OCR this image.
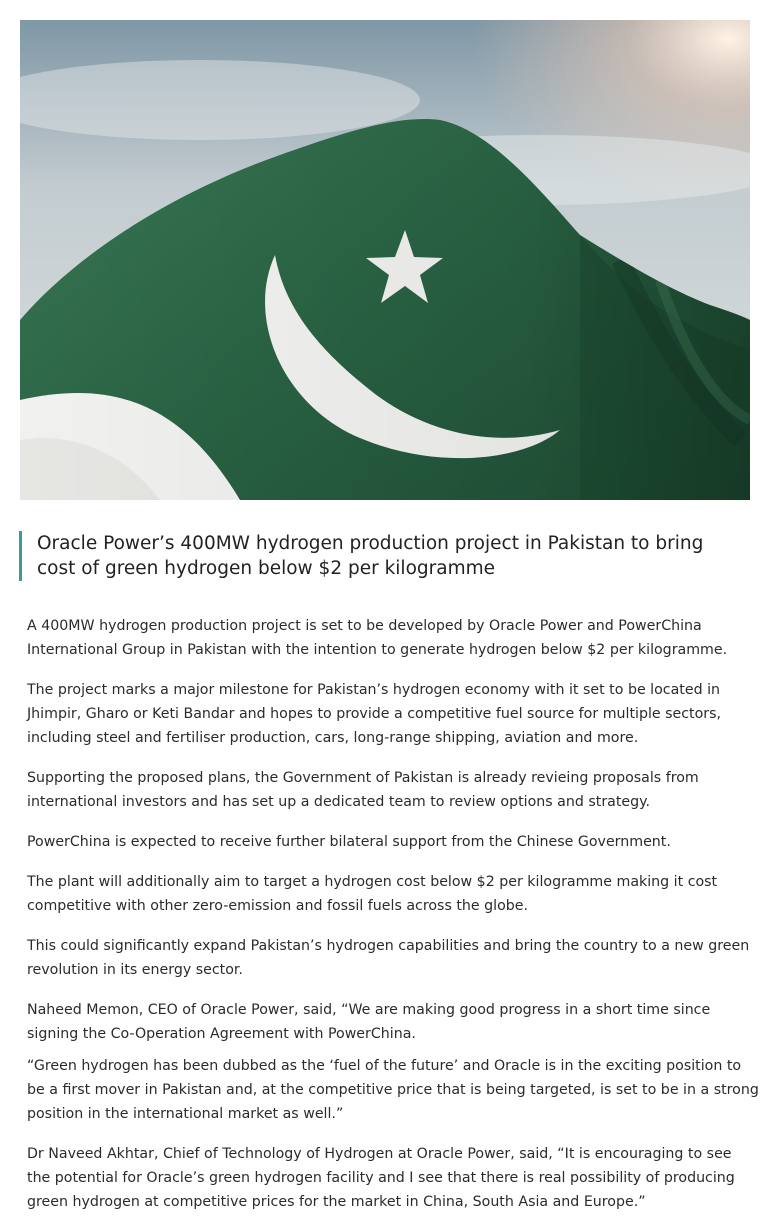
Oracle Power’s 400MW hydrogen production project in Pakistan to bring cost of green hydrogen below $2 per kilogramme

A 400MW hydrogen production project is set to be developed by Oracle Power and PowerChina International Group in Pakistan with the intention to generate hydrogen below $2 per kilogramme.

The project marks a major milestone for Pakistan’s hydrogen economy with it set to be located in Jhimpir, Gharo or Keti Bandar and hopes to provide a competitive fuel source for multiple sectors, including steel and fertiliser production, cars, long-range shipping, aviation and more.

Supporting the proposed plans, the Government of Pakistan is already revieing proposals from international investors and has set up a dedicated team to review options and strategy.

PowerChina is expected to receive further bilateral support from the Chinese Government.

The plant will additionally aim to target a hydrogen cost below $2 per kilogramme making it cost competitive with other zero-emission and fossil fuels across the globe.

This could significantly expand Pakistan’s hydrogen capabilities and bring the country to a new green revolution in its energy sector.

Naheed Memon, CEO of Oracle Power, said, “We are making good progress in a short time since signing the Co-Operation Agreement with PowerChina.

“Green hydrogen has been dubbed as the ‘fuel of the future’ and Oracle is in the exciting position to be a first mover in Pakistan and, at the competitive price that is being targeted, is set to be in a strong position in the international market as well.”

Dr Naveed Akhtar, Chief of Technology of Hydrogen at Oracle Power, said, “It is encouraging to see the potential for Oracle’s green hydrogen facility and I see that there is real possibility of producing green hydrogen at competitive prices for the market in China, South Asia and Europe.”
